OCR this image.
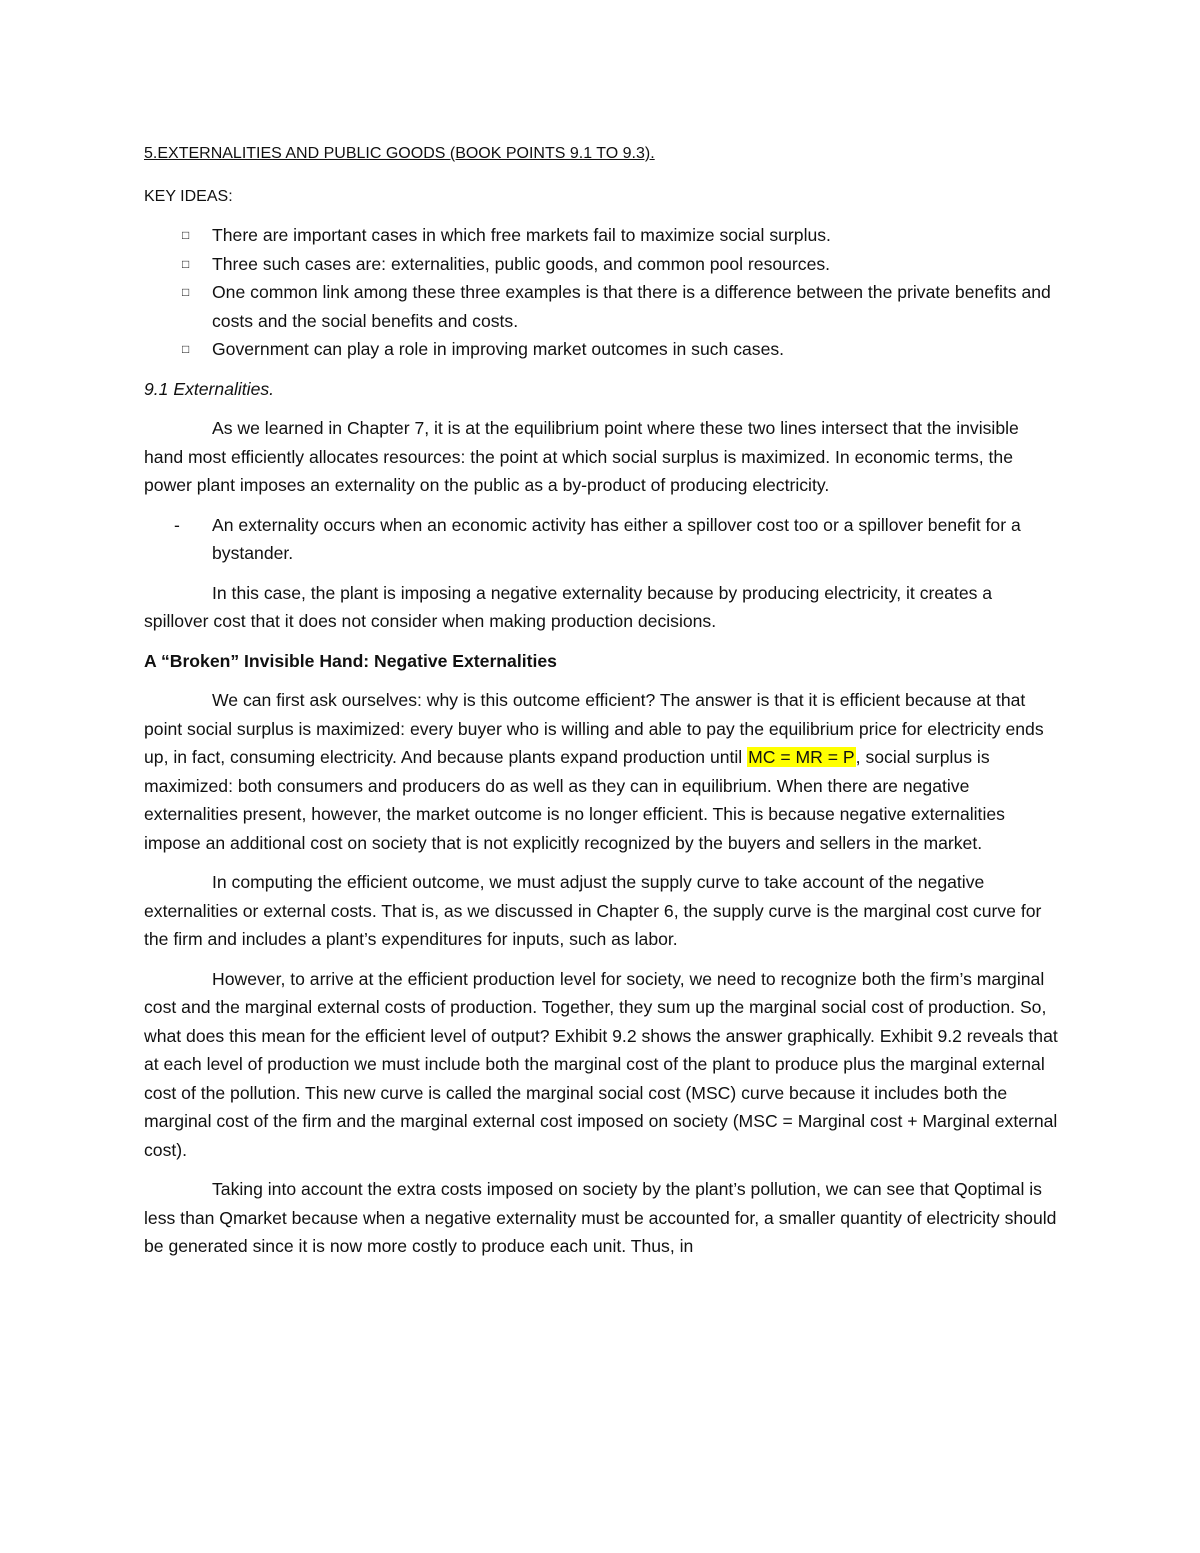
5.EXTERNALITIES AND PUBLIC GOODS (BOOK POINTS 9.1 TO 9.3).

KEY IDEAS:

□ There are important cases in which free markets fail to maximize social surplus.
□ Three such cases are: externalities, public goods, and common pool resources.
□ One common link among these three examples is that there is a difference between the private benefits and costs and the social benefits and costs.
□ Government can play a role in improving market outcomes in such cases.

9.1 Externalities.

As we learned in Chapter 7, it is at the equilibrium point where these two lines intersect that the invisible hand most efficiently allocates resources: the point at which social surplus is maximized. In economic terms, the power plant imposes an externality on the public as a by-product of producing electricity.

- An externality occurs when an economic activity has either a spillover cost too or a spillover benefit for a bystander.

In this case, the plant is imposing a negative externality because by producing electricity, it creates a spillover cost that it does not consider when making production decisions.

A “Broken” Invisible Hand: Negative Externalities

We can first ask ourselves: why is this outcome efficient? The answer is that it is efficient because at that point social surplus is maximized: every buyer who is willing and able to pay the equilibrium price for electricity ends up, in fact, consuming electricity. And because plants expand production until MC = MR = P, social surplus is maximized: both consumers and producers do as well as they can in equilibrium. When there are negative externalities present, however, the market outcome is no longer efficient. This is because negative externalities impose an additional cost on society that is not explicitly recognized by the buyers and sellers in the market.

In computing the efficient outcome, we must adjust the supply curve to take account of the negative externalities or external costs. That is, as we discussed in Chapter 6, the supply curve is the marginal cost curve for the firm and includes a plant’s expenditures for inputs, such as labor.

However, to arrive at the efficient production level for society, we need to recognize both the firm’s marginal cost and the marginal external costs of production. Together, they sum up the marginal social cost of production. So, what does this mean for the efficient level of output? Exhibit 9.2 shows the answer graphically. Exhibit 9.2 reveals that at each level of production we must include both the marginal cost of the plant to produce plus the marginal external cost of the pollution. This new curve is called the marginal social cost (MSC) curve because it includes both the marginal cost of the firm and the marginal external cost imposed on society (MSC = Marginal cost + Marginal external cost).

Taking into account the extra costs imposed on society by the plant’s pollution, we can see that Qoptimal is less than Qmarket because when a negative externality must be accounted for, a smaller quantity of electricity should be generated since it is now more costly to produce each unit. Thus, in
